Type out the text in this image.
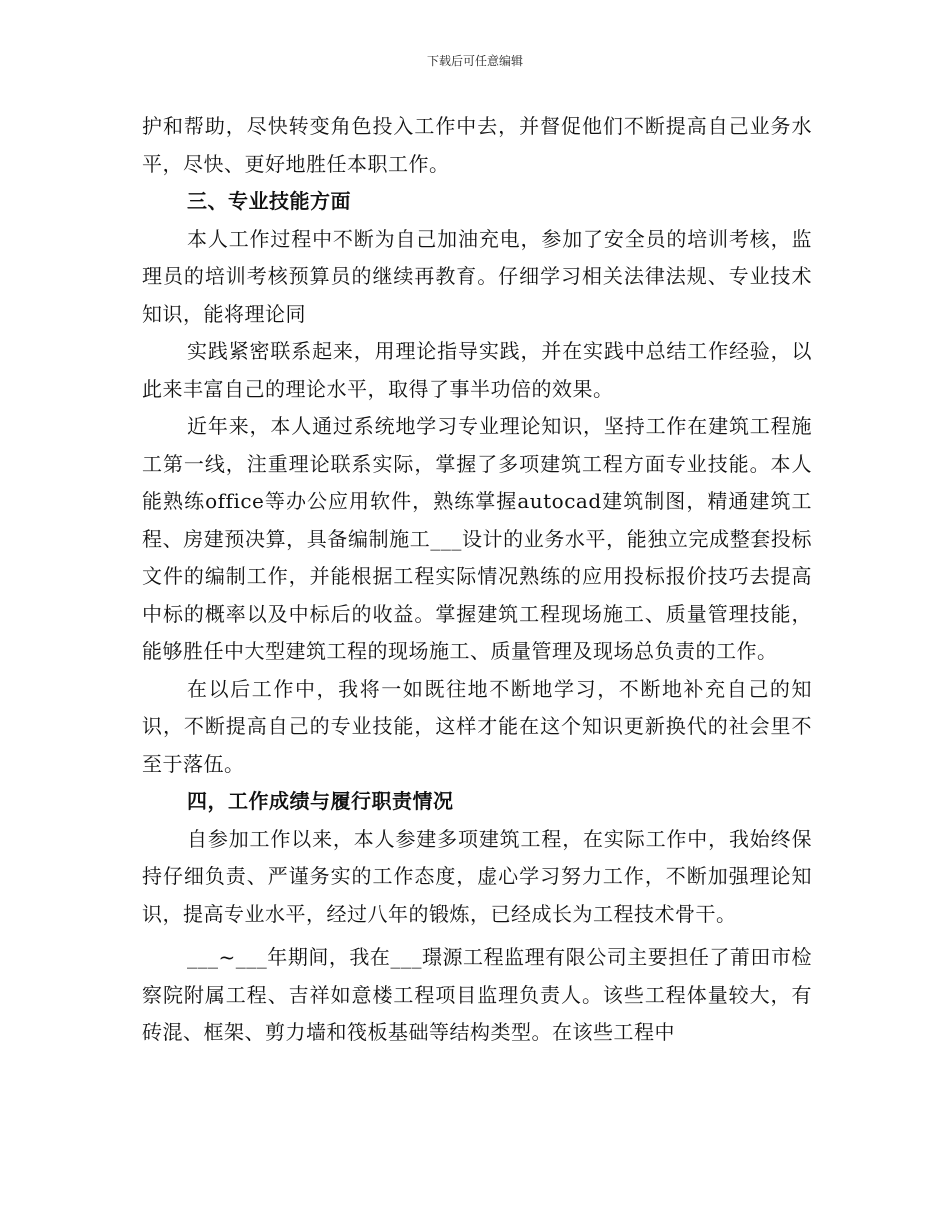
下载后可任意编辑

护和帮助，尽快转变角色投入工作中去，并督促他们不断提高自己业务水平，尽快、更好地胜任本职工作。

三、专业技能方面

本人工作过程中不断为自己加油充电，参加了安全员的培训考核，监理员的培训考核预算员的继续再教育。仔细学习相关法律法规、专业技术知识，能将理论同

实践紧密联系起来，用理论指导实践，并在实践中总结工作经验，以此来丰富自己的理论水平，取得了事半功倍的效果。

近年来，本人通过系统地学习专业理论知识，坚持工作在建筑工程施工第一线，注重理论联系实际，掌握了多项建筑工程方面专业技能。本人能熟练office等办公应用软件，熟练掌握autocad建筑制图，精通建筑工程、房建预决算，具备编制施工___设计的业务水平，能独立完成整套投标文件的编制工作，并能根据工程实际情况熟练的应用投标报价技巧去提高中标的概率以及中标后的收益。掌握建筑工程现场施工、质量管理技能，能够胜任中大型建筑工程的现场施工、质量管理及现场总负责的工作。

在以后工作中，我将一如既往地不断地学习，不断地补充自己的知识，不断提高自己的专业技能，这样才能在这个知识更新换代的社会里不至于落伍。

四，工作成绩与履行职责情况

自参加工作以来，本人参建多项建筑工程，在实际工作中，我始终保持仔细负责、严谨务实的工作态度，虚心学习努力工作，不断加强理论知识，提高专业水平，经过八年的锻炼，已经成长为工程技术骨干。

___~___年期间，我在___璟源工程监理有限公司主要担任了莆田市检察院附属工程、吉祥如意楼工程项目监理负责人。该些工程体量较大，有砖混、框架、剪力墙和筏板基础等结构类型。在该些工程中
